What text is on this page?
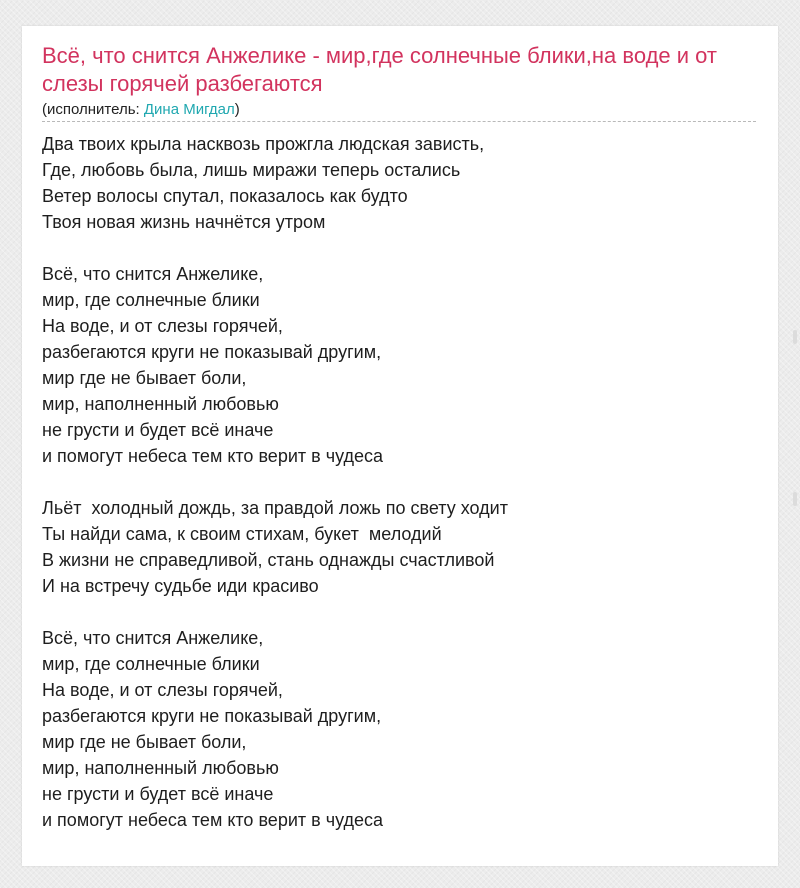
Всё, что снится Анжелике - мир,где солнечные блики,на воде и от слезы горячей разбегаются
(исполнитель: Дина Мигдал)
Два твоих крыла насквозь прожгла людская зависть,
Где, любовь была, лишь миражи теперь остались
Ветер волосы спутал, показалось как будто
Твоя новая жизнь начнётся утром
Всё, что снится Анжелике,
мир, где солнечные блики
На воде, и от слезы горячей,
разбегаются круги не показывай другим,
мир где не бывает боли,
мир, наполненный любовью
не грусти и будет всё иначе
и помогут небеса тем кто верит в чудеса
Льёт  холодный дождь, за правдой ложь по свету ходит
Ты найди сама, к своим стихам, букет  мелодий
В жизни не справедливой, стань однажды счастливой
И на встречу судьбе иди красиво
Всё, что снится Анжелике,
мир, где солнечные блики
На воде, и от слезы горячей,
разбегаются круги не показывай другим,
мир где не бывает боли,
мир, наполненный любовью
не грусти и будет всё иначе
и помогут небеса тем кто верит в чудеса
